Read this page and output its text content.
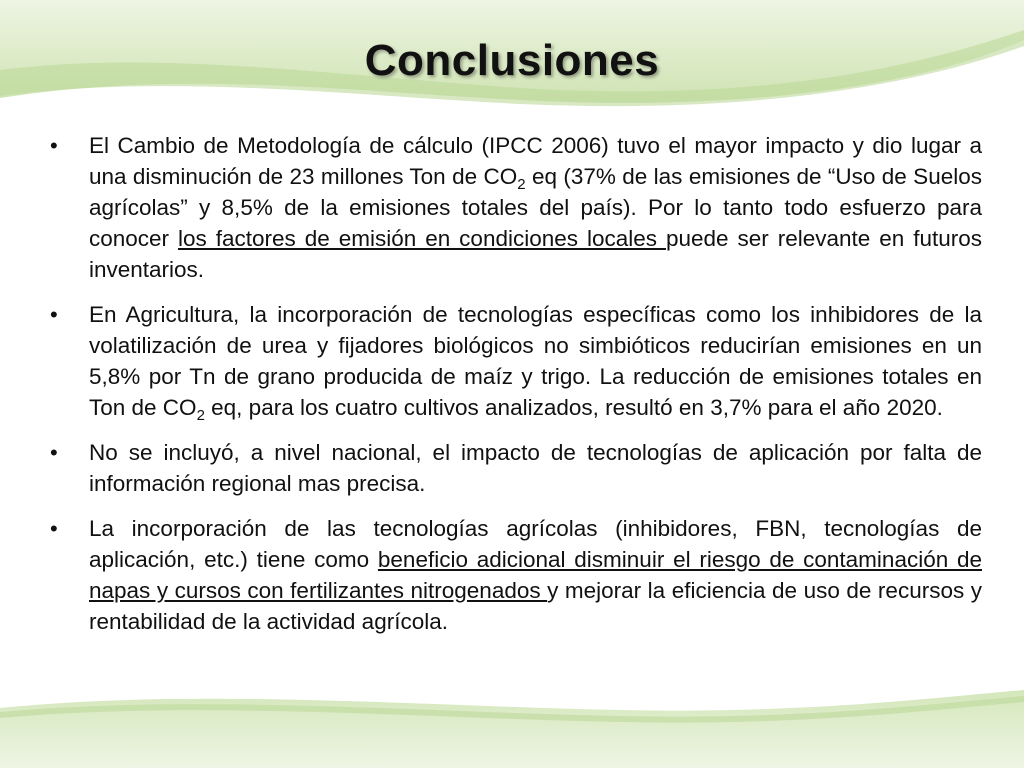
Conclusiones
• El Cambio de Metodología de cálculo (IPCC 2006) tuvo el mayor impacto y dio lugar a una disminución de 23 millones Ton de $CO_2$ eq (37% de las emisiones de “Uso de Suelos agrícolas” y 8,5% de la emisiones totales del país). Por lo tanto todo esfuerzo para conocer los factores de emisión en condiciones locales puede ser relevante en futuros inventarios.
• En Agricultura, la incorporación de tecnologías específicas como los inhibidores de la volatilización de urea y fijadores biológicos no simbióticos reducirían emisiones en un 5,8% por Tn de grano producida de maíz y trigo. La reducción de emisiones totales en Ton de $CO_2$ eq, para los cuatro cultivos analizados, resultó en 3,7% para el año 2020.
• No se incluyó, a nivel nacional, el impacto de tecnologías de aplicación por falta de información regional mas precisa.
• La incorporación de las tecnologías agrícolas (inhibidores, FBN, tecnologías de aplicación, etc.) tiene como beneficio adicional disminuir el riesgo de contaminación de napas y cursos con fertilizantes nitrogenados y mejorar la eficiencia de uso de recursos y rentabilidad de la actividad agrícola.
